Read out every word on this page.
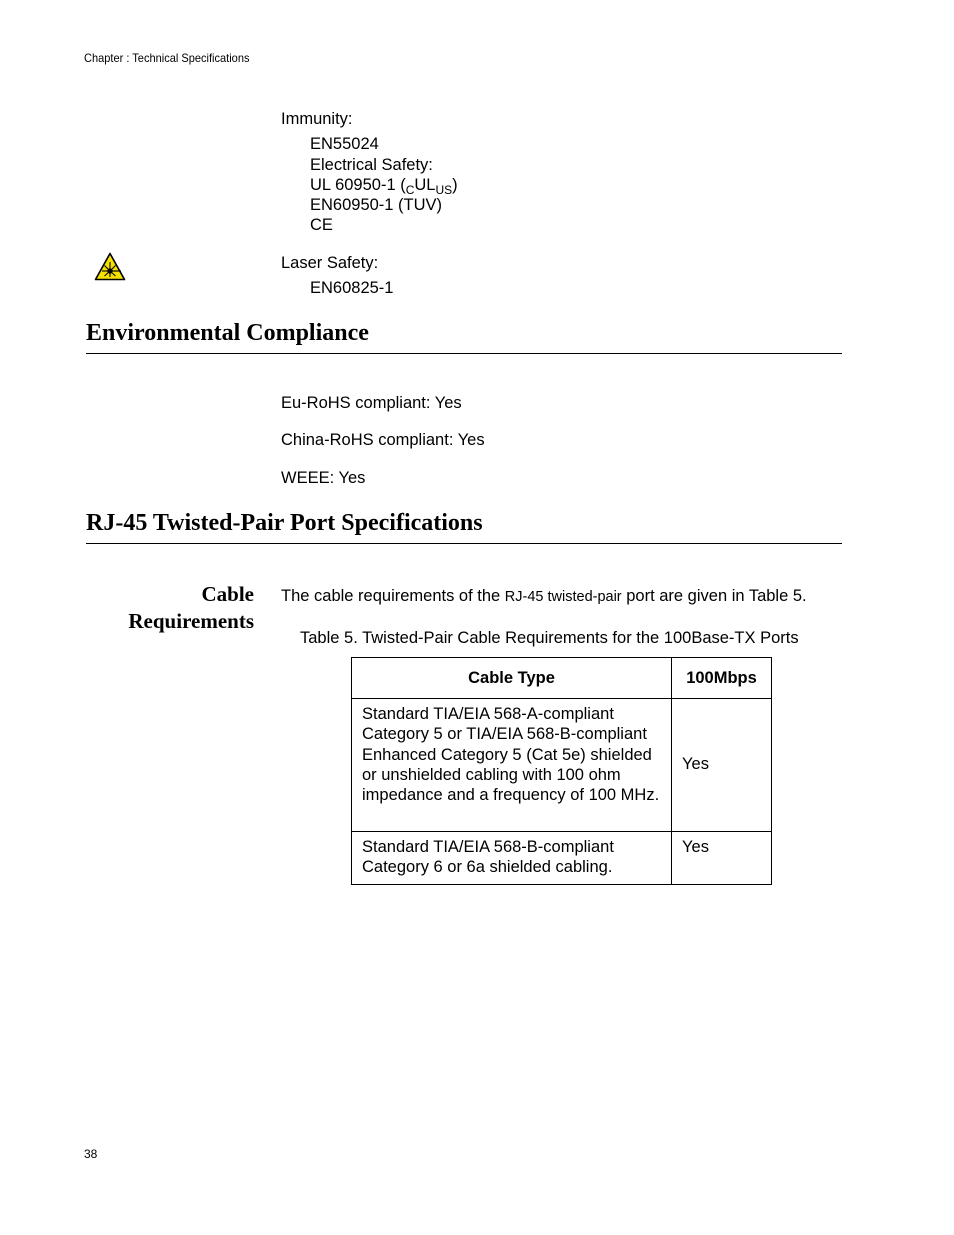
Chapter : Technical Specifications
Immunity:
EN55024
Electrical Safety:
UL 60950-1 $(_CUL_{US})$
EN60950-1 (TUV)
CE
Laser Safety:
EN60825-1
Environmental Compliance
Eu-RoHS compliant: Yes
China-RoHS compliant: Yes
WEEE: Yes
RJ-45 Twisted-Pair Port Specifications
Cable
Requirements
The cable requirements of the RJ-45 twisted-pair port are given in Table 5.
Table 5. Twisted-Pair Cable Requirements for the 100Base-TX Ports
Cable Type	100Mbps
Standard TIA/EIA 568-A-compliant Category 5 or TIA/EIA 568-B-compliant Enhanced Category 5 (Cat 5e) shielded or unshielded cabling with 100 ohm impedance and a frequency of 100 MHz.	Yes
Standard TIA/EIA 568-B-compliant Category 6 or 6a shielded cabling.	Yes
38
